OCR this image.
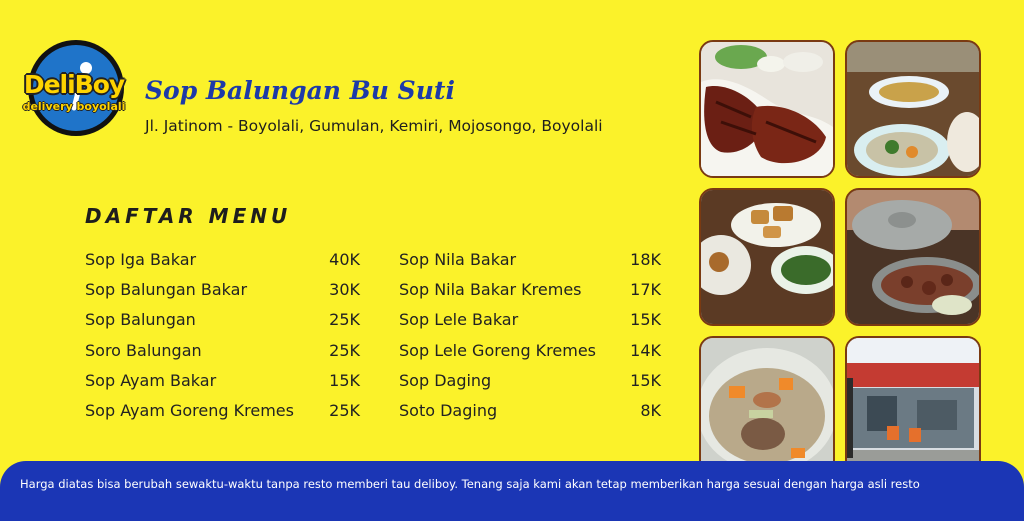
DeliBoy
delivery boyolali
Sop Balungan Bu Suti
Jl. Jatinom - Boyolali, Gumulan, Kemiri, Mojosongo, Boyolali
DAFTAR MENU
Sop Iga Bakar	40K
Sop Balungan Bakar	30K
Sop Balungan	25K
Soro Balungan	25K
Sop Ayam Bakar	15K
Sop Ayam Goreng Kremes 25K
Sop Nila Bakar	18K
Sop Nila Bakar Kremes	17K
Sop Lele Bakar	15K
Sop Lele Goreng Kremes 14K
Sop Daging	15K
Soto Daging	8K
Harga diatas bisa berubah sewaktu-waktu tanpa resto memberi tau deliboy. Tenang saja kami akan tetap memberikan harga sesuai dengan harga asli resto
